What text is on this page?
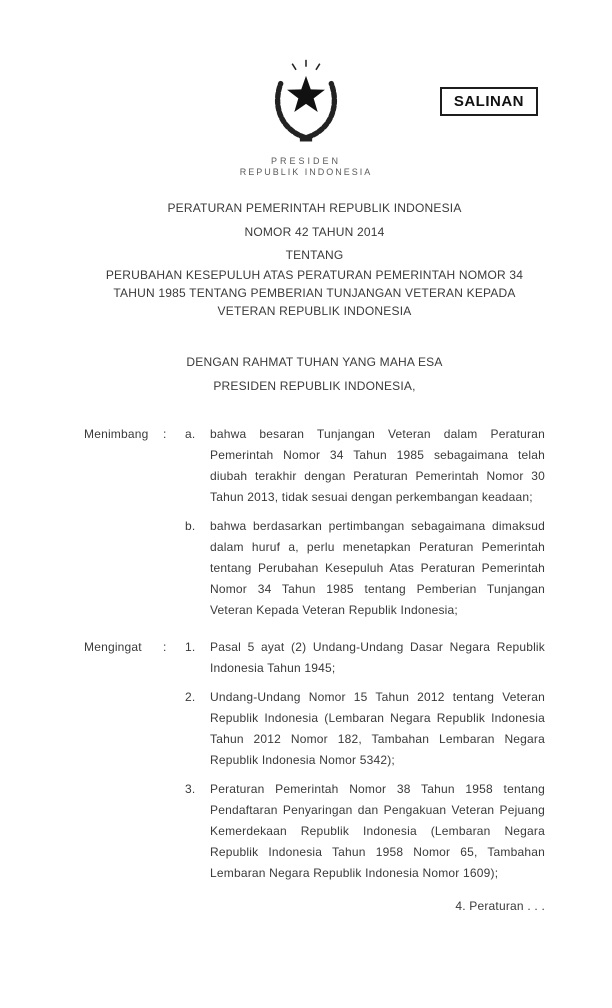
SALINAN
PRESIDEN
REPUBLIK INDONESIA
PERATURAN PEMERINTAH REPUBLIK INDONESIA
NOMOR 42 TAHUN 2014
TENTANG
PERUBAHAN KESEPULUH ATAS PERATURAN PEMERINTAH NOMOR 34 TAHUN 1985 TENTANG PEMBERIAN TUNJANGAN VETERAN KEPADA VETERAN REPUBLIK INDONESIA
DENGAN RAHMAT TUHAN YANG MAHA ESA
PRESIDEN REPUBLIK INDONESIA,
Menimbang	:	a.	bahwa besaran Tunjangan Veteran dalam Peraturan Pemerintah Nomor 34 Tahun 1985 sebagaimana telah diubah terakhir dengan Peraturan Pemerintah Nomor 30 Tahun 2013, tidak sesuai dengan perkembangan keadaan;
b.	bahwa berdasarkan pertimbangan sebagaimana dimaksud dalam huruf a, perlu menetapkan Peraturan Pemerintah tentang Perubahan Kesepuluh Atas Peraturan Pemerintah Nomor 34 Tahun 1985 tentang Pemberian Tunjangan Veteran Kepada Veteran Republik Indonesia;
Mengingat	:	1.	Pasal 5 ayat (2) Undang-Undang Dasar Negara Republik Indonesia Tahun 1945;
2.	Undang-Undang Nomor 15 Tahun 2012 tentang Veteran Republik Indonesia (Lembaran Negara Republik Indonesia Tahun 2012 Nomor 182, Tambahan Lembaran Negara Republik Indonesia Nomor 5342);
3.	Peraturan Pemerintah Nomor 38 Tahun 1958 tentang Pendaftaran Penyaringan dan Pengakuan Veteran Pejuang Kemerdekaan Republik Indonesia (Lembaran Negara Republik Indonesia Tahun 1958 Nomor 65, Tambahan Lembaran Negara Republik Indonesia Nomor 1609);
4. Peraturan . . .
